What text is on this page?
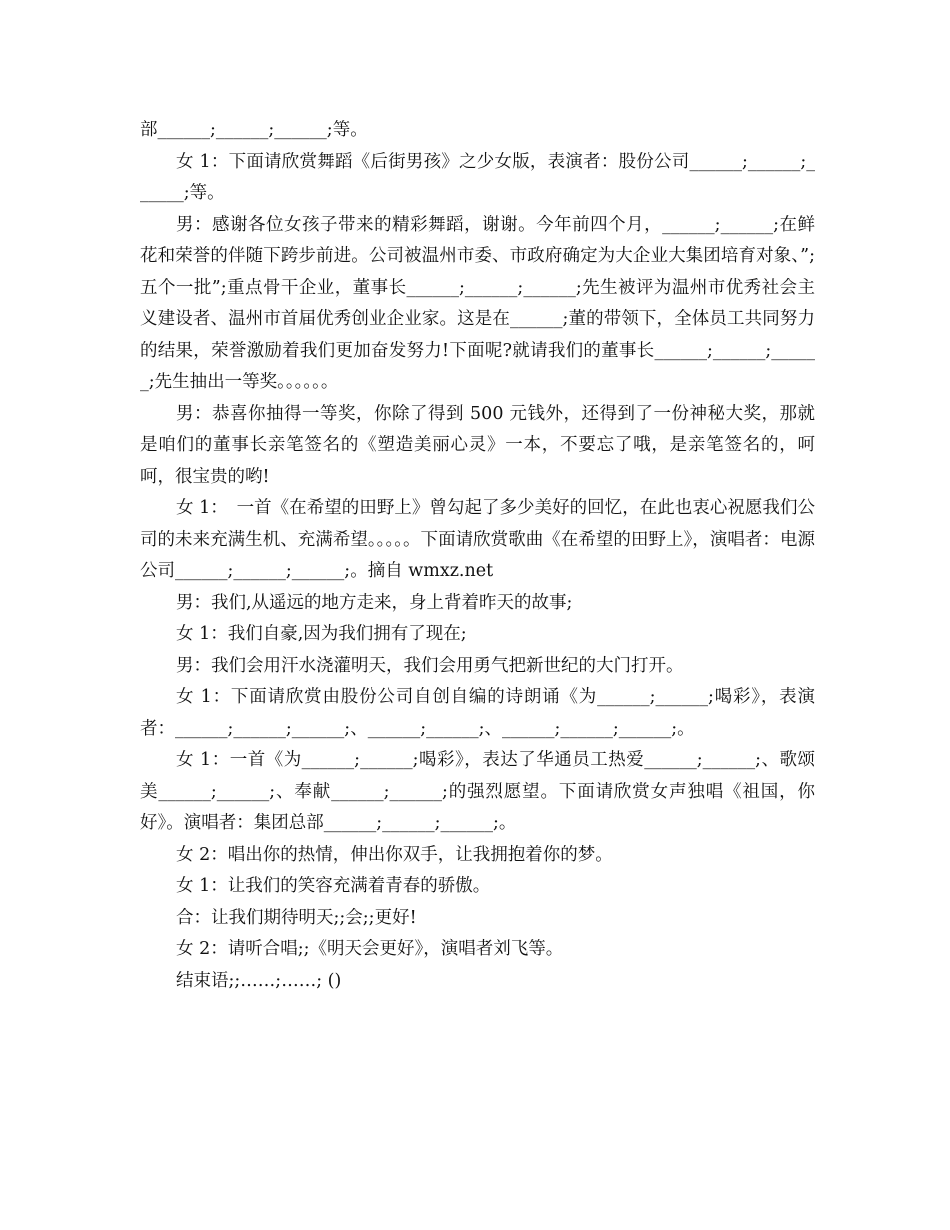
部______;______;______;等。

女 1：下面请欣赏舞蹈《后街男孩》之少女版，表演者：股份公司______;______;______;等。

男：感谢各位女孩子带来的精彩舞蹈，谢谢。今年前四个月，______;______;在鲜花和荣誉的伴随下跨步前进。公司被温州市委、市政府确定为大企业大集团培育对象、”;五个一批”;重点骨干企业，董事长______;______;______;先生被评为温州市优秀社会主义建设者、温州市首届优秀创业企业家。这是在______;董的带领下，全体员工共同努力的结果，荣誉激励着我们更加奋发努力!下面呢?就请我们的董事长______;______;______;先生抽出一等奖。。。。。。

男：恭喜你抽得一等奖，你除了得到 500 元钱外，还得到了一份神秘大奖，那就是咱们的董事长亲笔签名的《塑造美丽心灵》一本，不要忘了哦，是亲笔签名的，呵呵，很宝贵的哟!

女 1：　一首《在希望的田野上》曾勾起了多少美好的回忆，在此也衷心祝愿我们公司的未来充满生机、充满希望。。。。。下面请欣赏歌曲《在希望的田野上》，演唱者：电源公司______;______;______;。摘自 wmxz.net

男：我们,从遥远的地方走来，身上背着昨天的故事;

女 1：我们自豪,因为我们拥有了现在;

男：我们会用汗水浇灌明天，我们会用勇气把新世纪的大门打开。

女 1：下面请欣赏由股份公司自创自编的诗朗诵《为______;______;喝彩》，表演者：______;______;______;、______;______;、______;______;______;。

女 1：一首《为______;______;喝彩》，表达了华通员工热爱______;______;、歌颂美______;______;、奉献______;______;的强烈愿望。下面请欣赏女声独唱《祖国，你好》。演唱者：集团总部______;______;______;。

女 2：唱出你的热情，伸出你双手，让我拥抱着你的梦。

女 1：让我们的笑容充满着青春的骄傲。

合：让我们期待明天;;会;;更好!

女 2：请听合唱;;《明天会更好》，演唱者刘飞等。

结束语;;……;……; ()
